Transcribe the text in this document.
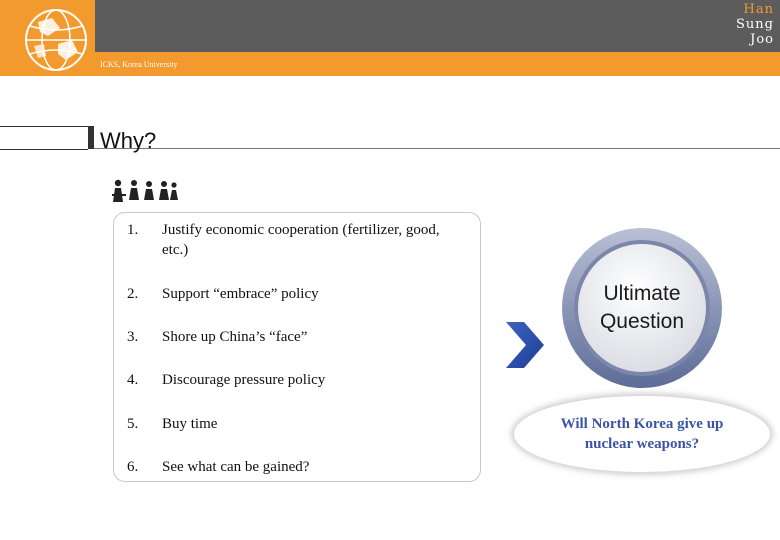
ICKS, Korea University
Han
Sung
Joo
Why?
1.	Justify economic cooperation (fertilizer, good, etc.)
2.	Support “embrace” policy
3.	Shore up China’s “face”
4.	Discourage pressure policy
5.	Buy time
6.	See what can be gained?
Ultimate
Question
Will North Korea give up nuclear weapons?
